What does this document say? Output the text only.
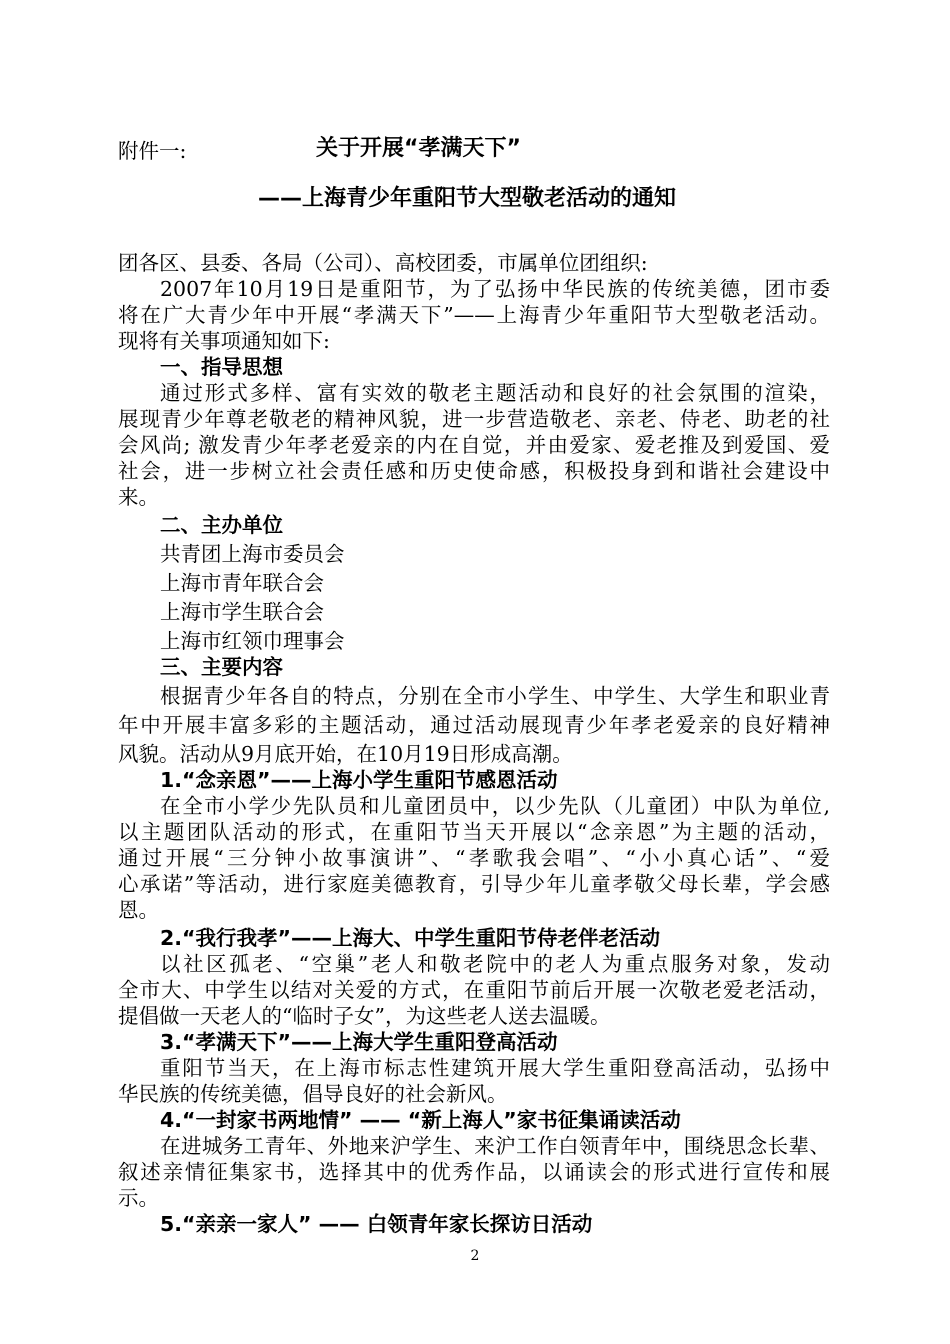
附件一:	关于开展“孝满天下”
——上海青少年重阳节大型敬老活动的通知
团各区、县委、各局（公司）、高校团委，市属单位团组织:
2007年10月19日是重阳节，为了弘扬中华民族的传统美德，团市委
将在广大青少年中开展“孝满天下”——上海青少年重阳节大型敬老活动。
现将有关事项通知如下:
一、指导思想
通过形式多样、富有实效的敬老主题活动和良好的社会氛围的渲染，
展现青少年尊老敬老的精神风貌，进一步营造敬老、亲老、侍老、助老的社
会风尚; 激发青少年孝老爱亲的内在自觉，并由爱家、爱老推及到爱国、爱
社会，进一步树立社会责任感和历史使命感，积极投身到和谐社会建设中
来。
二、主办单位
共青团上海市委员会
上海市青年联合会
上海市学生联合会
上海市红领巾理事会
三、主要内容
根据青少年各自的特点，分别在全市小学生、中学生、大学生和职业青
年中开展丰富多彩的主题活动，通过活动展现青少年孝老爱亲的良好精神
风貌。活动从9月底开始，在10月19日形成高潮。
1.“念亲恩”——上海小学生重阳节感恩活动
在全市小学少先队员和儿童团员中，以少先队（儿童团）中队为单位,
以主题团队活动的形式，在重阳节当天开展以“念亲恩”为主题的活动，
通过开展“三分钟小故事演讲”、“孝歌我会唱”、“小小真心话”、“爱
心承诺”等活动，进行家庭美德教育，引导少年儿童孝敬父母长辈，学会感
恩。
2.“我行我孝”——上海大、中学生重阳节侍老伴老活动
以社区孤老、“空巢”老人和敬老院中的老人为重点服务对象，发动
全市大、中学生以结对关爱的方式，在重阳节前后开展一次敬老爱老活动，
提倡做一天老人的“临时子女”，为这些老人送去温暖。
3.“孝满天下”——上海大学生重阳登高活动
重阳节当天，在上海市标志性建筑开展大学生重阳登高活动，弘扬中
华民族的传统美德，倡导良好的社会新风。
4.“一封家书两地情” —— “新上海人”家书征集诵读活动
在进城务工青年、外地来沪学生、来沪工作白领青年中，围绕思念长辈、
叙述亲情征集家书，选择其中的优秀作品，以诵读会的形式进行宣传和展
示。
5.“亲亲一家人” —— 白领青年家长探访日活动
2
